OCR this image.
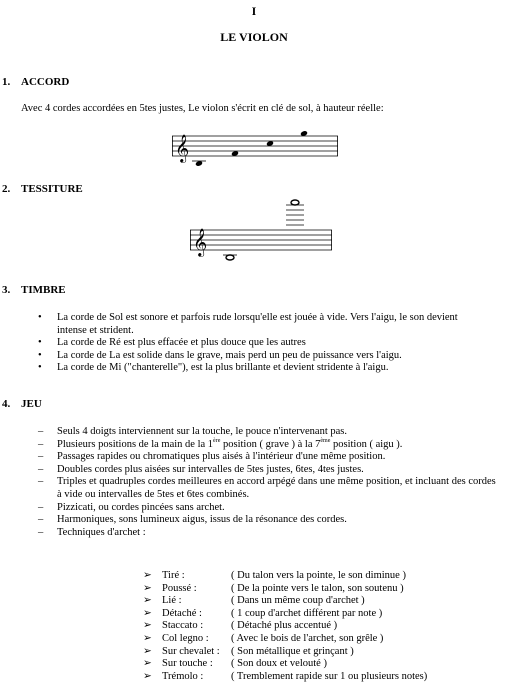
I
LE VIOLON
1. ACCORD
Avec 4 cordes accordées en 5tes justes, Le violon s'écrit en clé de sol, à hauteur réelle:
𝄞
2. TESSITURE
𝄞
3. TIMBRE
• La corde de Sol est sonore et parfois rude lorsqu'elle est jouée à vide. Vers l'aigu, le son devient intense et strident.
• La corde de Ré est plus effacée et plus douce que les autres
• La corde de La est solide dans le grave, mais perd un peu de puissance vers l'aigu.
• La corde de Mi ("chanterelle"), est la plus brillante et devient stridente à l'aigu.
4. JEU
– Seuls 4 doigts interviennent sur la touche, le pouce n'intervenant pas.
– Plusieurs positions de la main de la 1ère position ( grave ) à la 7ème position ( aigu ).
– Passages rapides ou chromatiques plus aisés à l'intérieur d'une même position.
– Doubles cordes plus aisées sur intervalles de 5tes justes, 6tes, 4tes justes.
– Triples et quadruples cordes meilleures en accord arpégé dans une même position, et incluant des cordes à vide ou intervalles de 5tes et 6tes combinés.
– Pizzicati, ou cordes pincées sans archet.
– Harmoniques, sons lumineux aigus, issus de la résonance des cordes.
– Techniques d'archet :
➢ Tiré :	( Du talon vers la pointe, le son diminue )
➢ Poussé :	( De la pointe vers le talon, son soutenu )
➢ Lié :	( Dans un même coup d'archet )
➢ Détaché :	( 1 coup d'archet différent par note )
➢ Staccato :	( Détaché plus accentué )
➢ Col legno : ( Avec le bois de l'archet, son grêle )
➢ Sur chevalet : ( Son métallique et grinçant )
➢ Sur touche : ( Son doux et velouté )
➢ Trémolo :	( Tremblement rapide sur 1 ou plusieurs notes)
